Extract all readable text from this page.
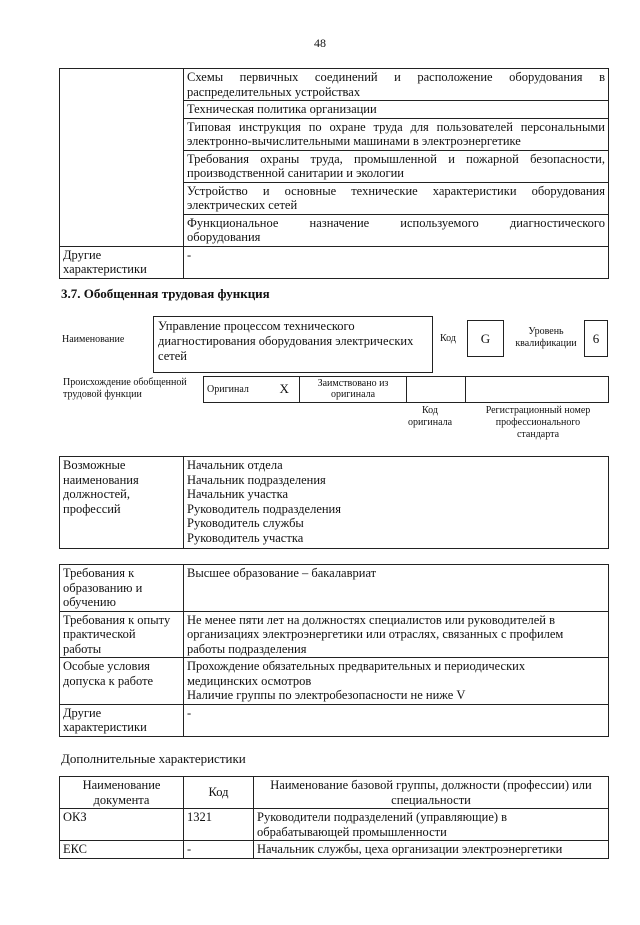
48

	Схемы первичных соединений и расположение оборудования в
распределительных устройствах

	Техническая политика организации

	Типовая инструкция по охране труда для пользователей персональными
электронно-вычислительными машинами в электроэнергетике

	Требования охраны труда, промышленной и пожарной безопасности,
производственной санитарии и экологии

	Устройство и основные технические характеристики оборудования
электрических сетей

	Функциональное назначение используемого диагностического
оборудования

Другие
характеристики	-
3.7. Обобщенная трудовая функция
Наименование
Управление процессом технического
диагностирования оборудования электрических
сетей
Код	G	Уровень
квалификации	6
Происхождение обобщенной
трудовой функции	Оригинал	X	Заимствовано из
оригинала

Код
оригинала
Регистрационный номер
профессионального
стандарта
Возможные
наименования
должностей,
профессий

Начальник отдела
Начальник подразделения
Начальник участка
Руководитель подразделения
Руководитель службы
Руководитель участка
Требования к
образованию и
обучению	Высшее образование – бакалавриат

Требования к опыту
практической
работы	Не менее пяти лет на должностях специалистов или руководителей в
организациях электроэнергетики или отраслях, связанных с профилем
работы подразделения

Особые условия
допуска к работе	Прохождение обязательных предварительных и периодических
медицинских осмотров
Наличие группы по электробезопасности не ниже V

Другие
характеристики	-
Дополнительные характеристики
Наименование
документа	Код	Наименование базовой группы, должности (профессии) или
специальности

ОКЗ	1321	Руководители подразделений (управляющие) в
обрабатывающей промышленности

ЕКС	-	Начальник службы, цеха организации электроэнергетики
